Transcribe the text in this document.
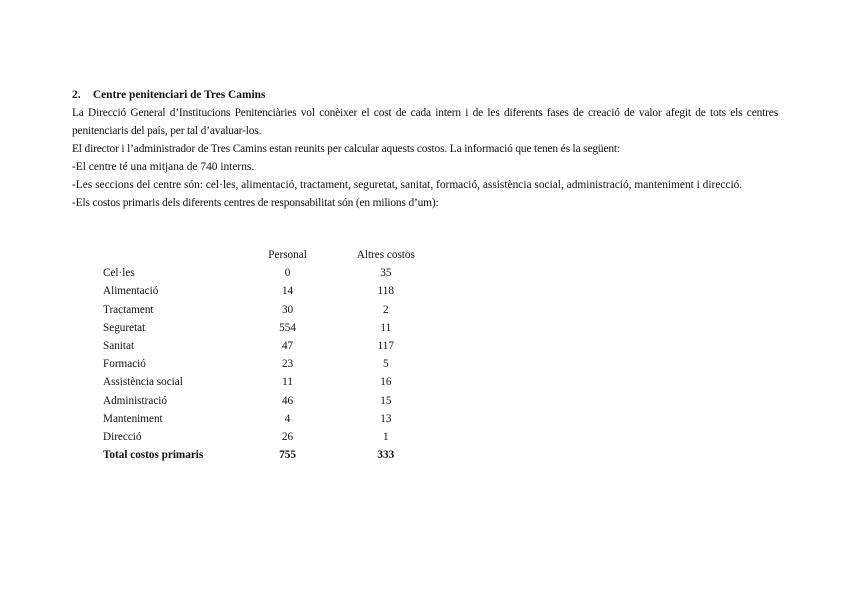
2. Centre penitenciari de Tres Camins

La Direcció General d’Institucions Penitenciàries vol conèixer el cost de cada intern i de les diferents fases de creació de valor afegit de tots els centres penitenciaris del país, per tal d’avaluar-los.

El director i l’administrador de Tres Camins estan reunits per calcular aquests costos. La informació que tenen és la següent:

-El centre té una mitjana de 740 interns.

-Les seccions del centre són: cel·les, alimentació, tractament, seguretat, sanitat, formació, assistència social, administració, manteniment i direcció.

-Els costos primaris dels diferents centres de responsabilitat són (en milions d’um):

	Personal	Altres costos
Cel·les	0	35
Alimentació	14	118
Tractament	30	2
Seguretat	554	11
Sanitat	47	117
Formació	23	5
Assistència social	11	16
Administració	46	15
Manteniment	4	13
Direcció	26	1
Total costos primaris	755	333
